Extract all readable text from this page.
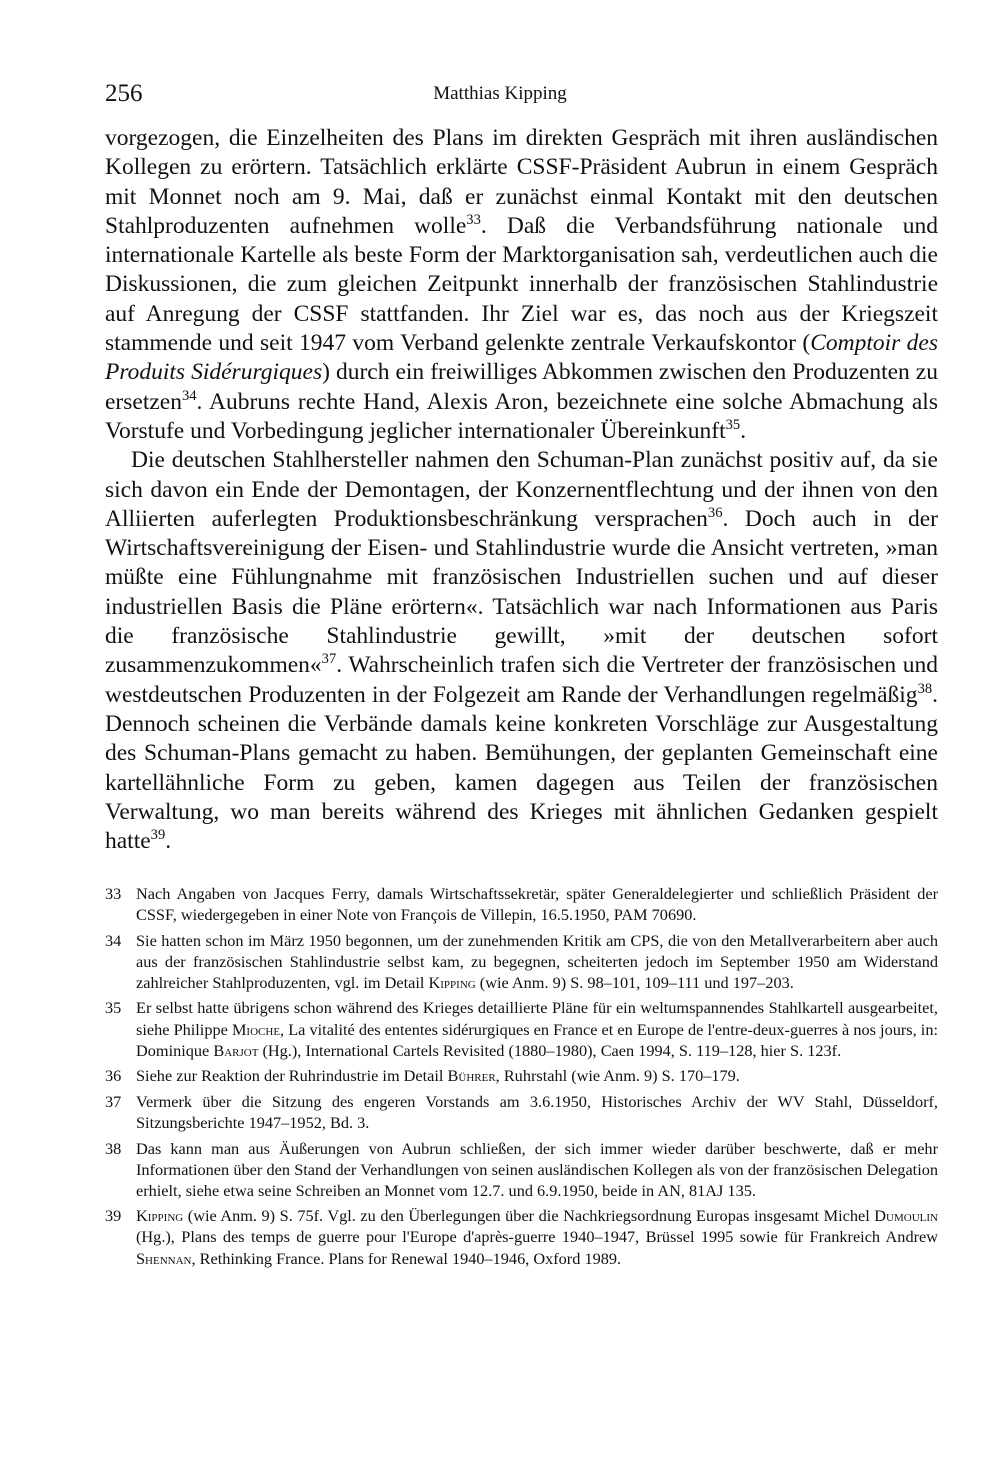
256	Matthias Kipping

vorgezogen, die Einzelheiten des Plans im direkten Gespräch mit ihren ausländischen Kollegen zu erörtern. Tatsächlich erklärte CSSF-Präsident Aubrun in einem Gespräch mit Monnet noch am 9. Mai, daß er zunächst einmal Kontakt mit den deutschen Stahlproduzenten aufnehmen wolle$^{33}$. Daß die Verbandsführung nationale und internationale Kartelle als beste Form der Marktorganisation sah, verdeutlichen auch die Diskussionen, die zum gleichen Zeitpunkt innerhalb der französischen Stahlindustrie auf Anregung der CSSF stattfanden. Ihr Ziel war es, das noch aus der Kriegszeit stammende und seit 1947 vom Verband gelenkte zentrale Verkaufskontor (Comptoir des Produits Sidérurgiques) durch ein freiwilliges Abkommen zwischen den Produzenten zu ersetzen$^{34}$. Aubruns rechte Hand, Alexis Aron, bezeichnete eine solche Abmachung als Vorstufe und Vorbedingung jeglicher internationaler Übereinkunft$^{35}$.

Die deutschen Stahlhersteller nahmen den Schuman-Plan zunächst positiv auf, da sie sich davon ein Ende der Demontagen, der Konzernentflechtung und der ihnen von den Alliierten auferlegten Produktionsbeschränkung versprachen$^{36}$. Doch auch in der Wirtschaftsvereinigung der Eisen- und Stahlindustrie wurde die Ansicht vertreten, »man müßte eine Fühlungnahme mit französischen Industriellen suchen und auf dieser industriellen Basis die Pläne erörtern«. Tatsächlich war nach Informationen aus Paris die französische Stahlindustrie gewillt, »mit der deutschen sofort zusammenzukommen«$^{37}$. Wahrscheinlich trafen sich die Vertreter der französischen und westdeutschen Produzenten in der Folgezeit am Rande der Verhandlungen regelmäßig$^{38}$. Dennoch scheinen die Verbände damals keine konkreten Vorschläge zur Ausgestaltung des Schuman-Plans gemacht zu haben. Bemühungen, der geplanten Gemeinschaft eine kartellähnliche Form zu geben, kamen dagegen aus Teilen der französischen Verwaltung, wo man bereits während des Krieges mit ähnlichen Gedanken gespielt hatte$^{39}$.

33 Nach Angaben von Jacques Ferry, damals Wirtschaftssekretär, später Generaldelegierter und schließlich Präsident der CSSF, wiedergegeben in einer Note von François de Villepin, 16.5.1950, PAM 70690.
34 Sie hatten schon im März 1950 begonnen, um der zunehmenden Kritik am CPS, die von den Metallverarbeitern aber auch aus der französischen Stahlindustrie selbst kam, zu begegnen, scheiterten jedoch im September 1950 am Widerstand zahlreicher Stahlproduzenten, vgl. im Detail Kipping (wie Anm. 9) S. 98–101, 109–111 und 197–203.
35 Er selbst hatte übrigens schon während des Krieges detaillierte Pläne für ein weltumspannendes Stahlkartell ausgearbeitet, siehe Philippe Mioche, La vitalité des ententes sidérurgiques en France et en Europe de l'entre-deux-guerres à nos jours, in: Dominique Barjot (Hg.), International Cartels Revisited (1880–1980), Caen 1994, S. 119–128, hier S. 123f.
36 Siehe zur Reaktion der Ruhrindustrie im Detail Bührer, Ruhrstahl (wie Anm. 9) S. 170–179.
37 Vermerk über die Sitzung des engeren Vorstands am 3.6.1950, Historisches Archiv der WV Stahl, Düsseldorf, Sitzungsberichte 1947–1952, Bd. 3.
38 Das kann man aus Äußerungen von Aubrun schließen, der sich immer wieder darüber beschwerte, daß er mehr Informationen über den Stand der Verhandlungen von seinen ausländischen Kollegen als von der französischen Delegation erhielt, siehe etwa seine Schreiben an Monnet vom 12.7. und 6.9.1950, beide in AN, 81AJ 135.
39 Kipping (wie Anm. 9) S. 75f. Vgl. zu den Überlegungen über die Nachkriegsordnung Europas insgesamt Michel Dumoulin (Hg.), Plans des temps de guerre pour l'Europe d'après-guerre 1940–1947, Brüssel 1995 sowie für Frankreich Andrew Shennan, Rethinking France. Plans for Renewal 1940–1946, Oxford 1989.
